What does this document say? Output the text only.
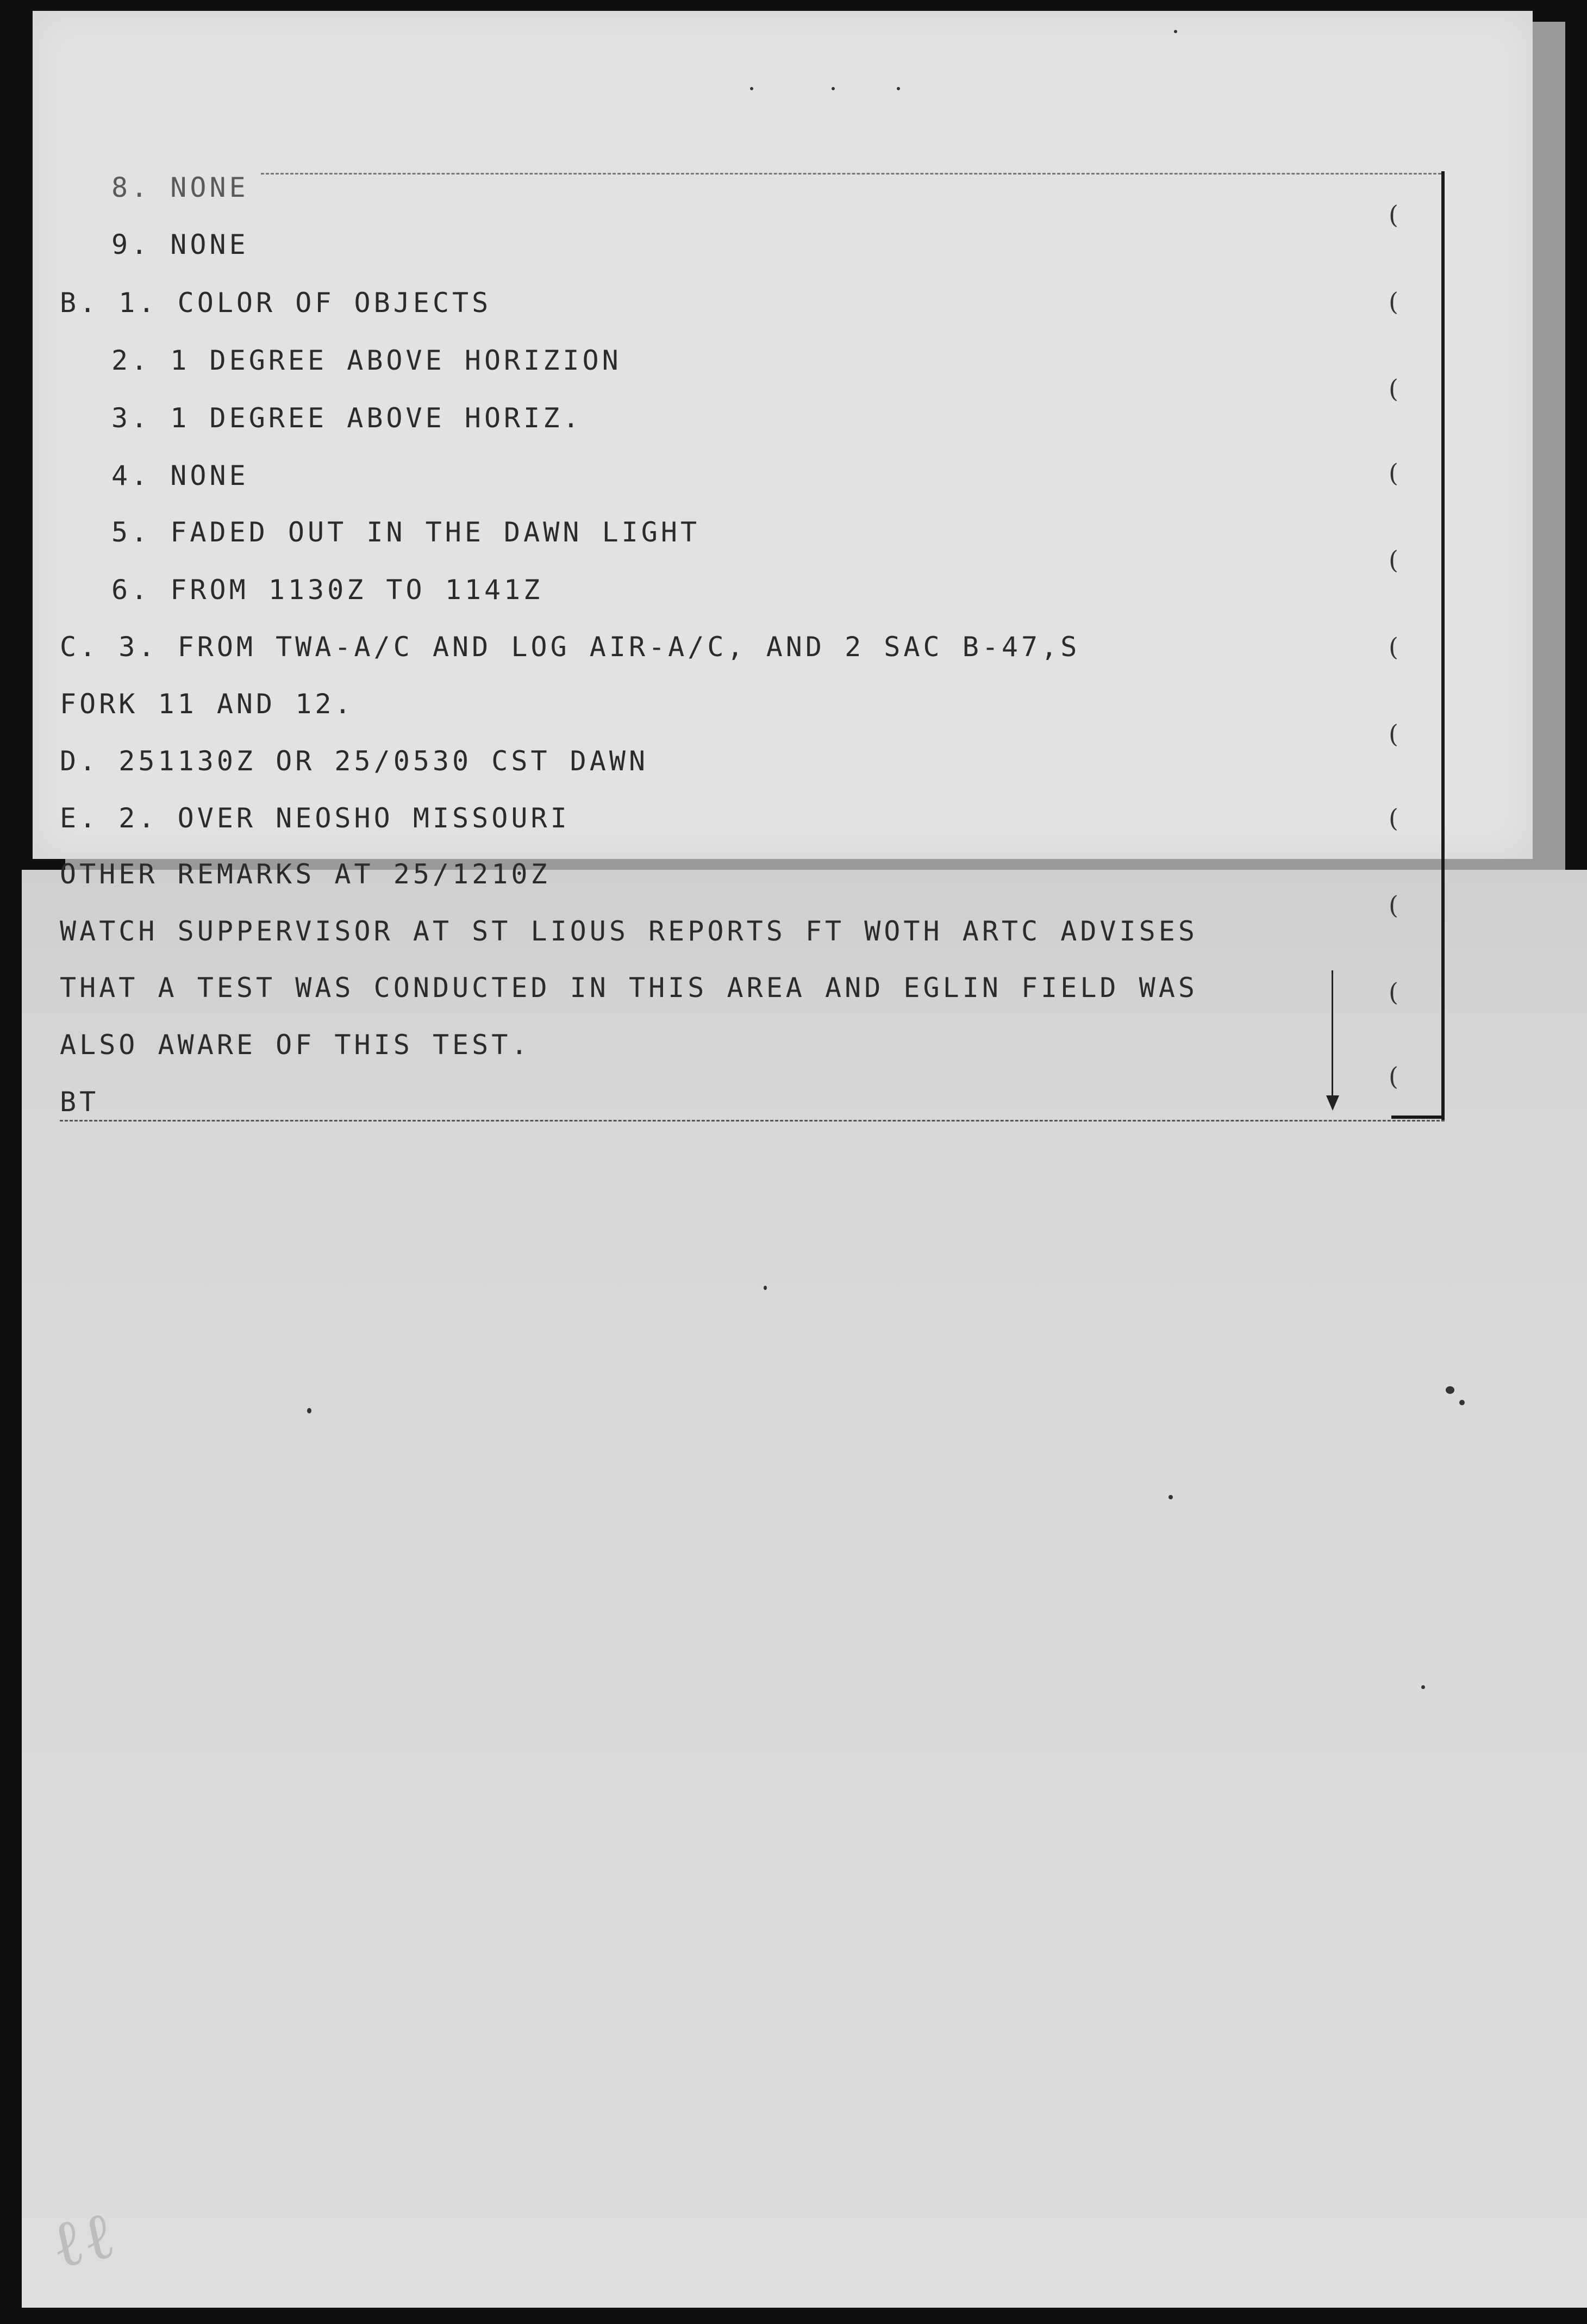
ℓℓ
8. NONE
9. NONE
B. 1. COLOR OF OBJECTS
2. 1 DEGREE ABOVE HORIZION
3. 1 DEGREE ABOVE HORIZ.
4. NONE
5. FADED OUT IN THE DAWN LIGHT
6. FROM 1130Z TO 1141Z
C. 3. FROM TWA-A/C AND LOG AIR-A/C, AND 2 SAC B-47,S
FORK 11 AND 12.
D. 251130Z OR 25/0530 CST DAWN
E. 2. OVER NEOSHO MISSOURI
OTHER REMARKS AT 25/1210Z
WATCH SUPPERVISOR AT ST LIOUS REPORTS FT WOTH ARTC ADVISES
THAT A TEST WAS CONDUCTED IN THIS AREA AND EGLIN FIELD WAS
ALSO AWARE OF THIS TEST.
BT
(
(
(
(
(
(
(
(
(
(
(
